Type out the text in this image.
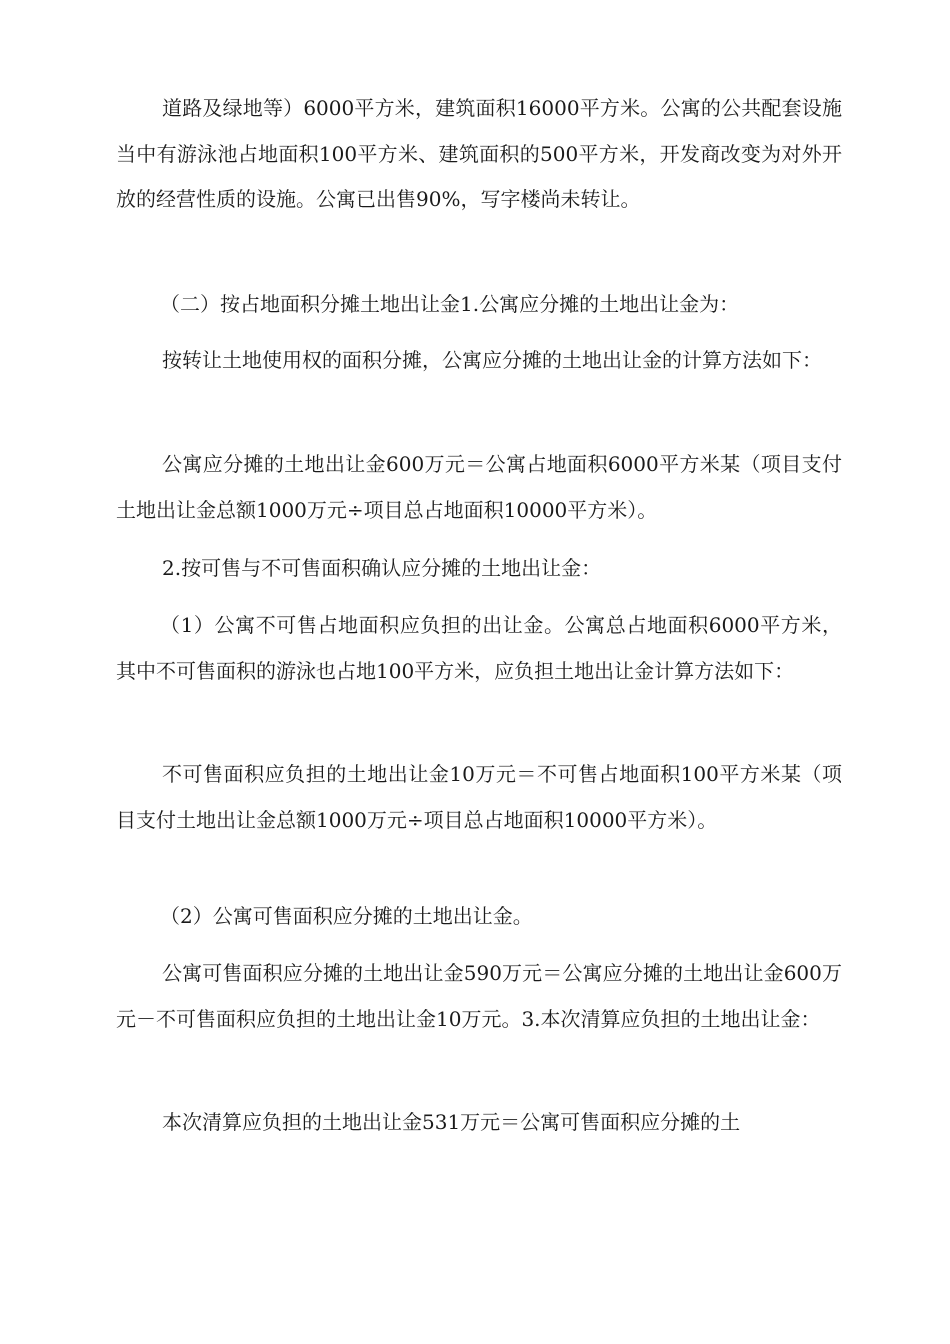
道路及绿地等）6000平方米，建筑面积16000平方米。公寓的公共配套设施当中有游泳池占地面积100平方米、建筑面积的500平方米，开发商改变为对外开放的经营性质的设施。公寓已出售90%，写字楼尚未转让。

（二）按占地面积分摊土地出让金1.公寓应分摊的土地出让金为：

按转让土地使用权的面积分摊，公寓应分摊的土地出让金的计算方法如下：

公寓应分摊的土地出让金600万元＝公寓占地面积6000平方米某（项目支付土地出让金总额1000万元÷项目总占地面积10000平方米）。

2.按可售与不可售面积确认应分摊的土地出让金：

（1）公寓不可售占地面积应负担的出让金。公寓总占地面积6000平方米，其中不可售面积的游泳也占地100平方米，应负担土地出让金计算方法如下：

不可售面积应负担的土地出让金10万元＝不可售占地面积100平方米某（项目支付土地出让金总额1000万元÷项目总占地面积10000平方米）。

（2）公寓可售面积应分摊的土地出让金。

公寓可售面积应分摊的土地出让金590万元＝公寓应分摊的土地出让金600万元－不可售面积应负担的土地出让金10万元。3.本次清算应负担的土地出让金：

本次清算应负担的土地出让金531万元＝公寓可售面积应分摊的土
